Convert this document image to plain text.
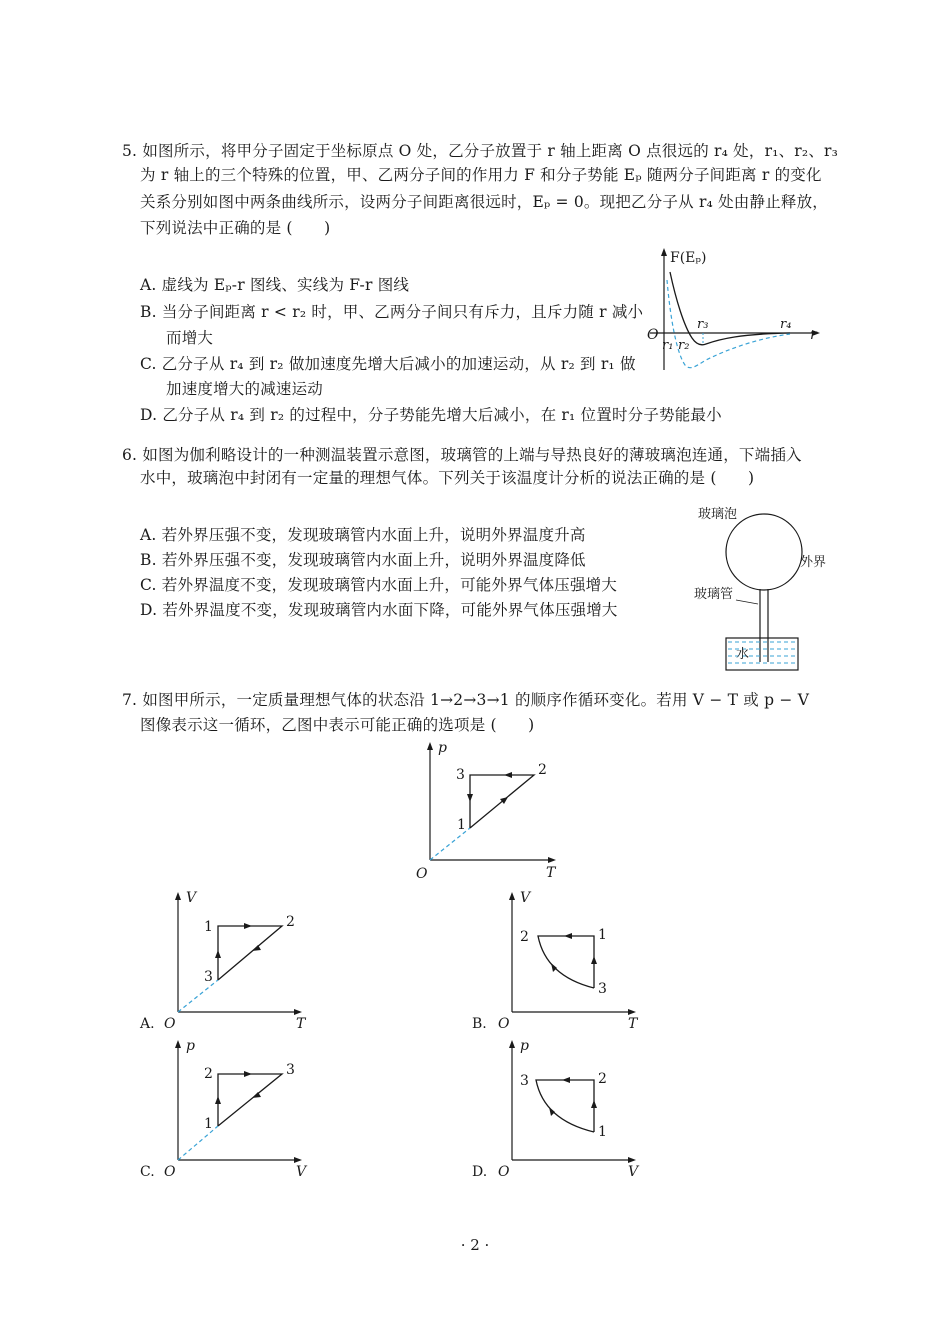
5. 如图所示，将甲分子固定于坐标原点 O 处，乙分子放置于 r 轴上距离 O 点很远的 r₄ 处，r₁、r₂、r₃
为 r 轴上的三个特殊的位置，甲、乙两分子间的作用力 F 和分子势能 Eₚ 随两分子间距离 r 的变化
关系分别如图中两条曲线所示，设两分子间距离很远时，Eₚ = 0。现把乙分子从 r₄ 处由静止释放，
下列说法中正确的是 (　　)
A. 虚线为 Eₚ-r 图线、实线为 F-r 图线
B. 当分子间距离 r < r₂ 时，甲、乙两分子间只有斥力，且斥力随 r 减小
而增大
C. 乙分子从 r₄ 到 r₂ 做加速度先增大后减小的加速运动，从 r₂ 到 r₁ 做
加速度增大的减速运动
D. 乙分子从 r₄ 到 r₂ 的过程中，分子势能先增大后减小，在 r₁ 位置时分子势能最小
F(Eₚ)
r
O
r₁ r₂
r₃	r₄
6. 如图为伽利略设计的一种测温装置示意图，玻璃管的上端与导热良好的薄玻璃泡连通，下端插入
水中，玻璃泡中封闭有一定量的理想气体。下列关于该温度计分析的说法正确的是 (　　)
A. 若外界压强不变，发现玻璃管内水面上升，说明外界温度升高
B. 若外界压强不变，发现玻璃管内水面上升，说明外界温度降低
C. 若外界温度不变，发现玻璃管内水面上升，可能外界气体压强增大
D. 若外界温度不变，发现玻璃管内水面下降，可能外界气体压强增大
玻璃泡
外界
玻璃管
水
7. 如图甲所示，一定质量理想气体的状态沿 1→2→3→1 的顺序作循环变化。若用 V − T 或 p − V
图像表示这一循环，乙图中表示可能正确的选项是 (　　)
p
T
O
1
2
3
A.
V
T
O
1	2
3
B.
V
T
O
1
2
3
C.
p
V
O
1
2	3
D.
p
V
O
1
2
3
· 2 ·
